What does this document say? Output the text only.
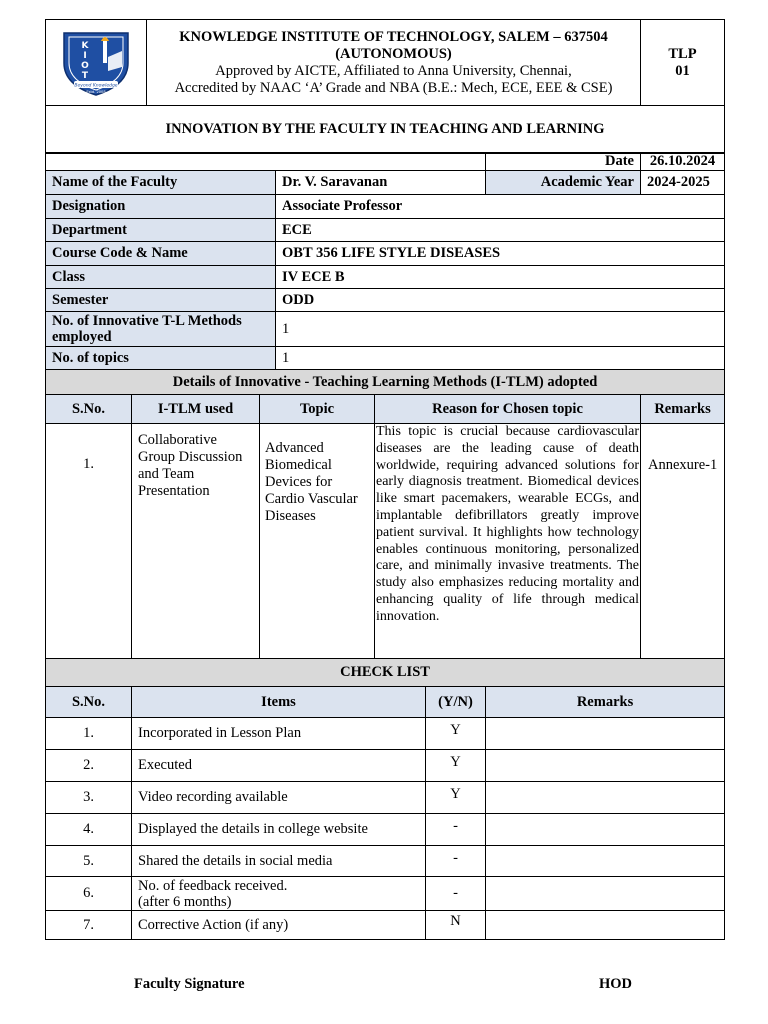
K
I
O
T
Beyond Knowledge
Estd. 2008

KNOWLEDGE INSTITUTE OF TECHNOLOGY, SALEM – 637504
(AUTONOMOUS)
Approved by AICTE, Affiliated to Anna University, Chennai,
Accredited by NAAC ‘A’ Grade and NBA (B.E.: Mech, ECE, EEE & CSE)

TLP
01

INNOVATION BY THE FACULTY IN TEACHING AND LEARNING
		Date	26.10.2024
Name of the Faculty	Dr. V. Saravanan	Academic Year	2024-2025
Designation	Associate Professor		
Department	ECE		
Course Code & Name	OBT 356 LIFE STYLE DISEASES		
Class	IV ECE B		
Semester	ODD		
No. of Innovative T-L Methods employed	1		
No. of topics	1		
Details of Innovative - Teaching Learning Methods (I-TLM) adopted				
S.No.	I-TLM used	Topic	Reason for Chosen topic	Remarks
1.	Collaborative Group Discussion and Team Presentation	Advanced Biomedical Devices for Cardio Vascular Diseases	This topic is crucial because cardiovascular diseases are the leading cause of death worldwide, requiring advanced solutions for early diagnosis treatment. Biomedical devices like smart pacemakers, wearable ECGs, and implantable defibrillators greatly improve patient survival. It highlights how technology enables continuous monitoring, personalized care, and minimally invasive treatments. The study also emphasizes reducing mortality and enhancing quality of life through medical innovation.	Annexure-1
CHECK LIST			
S.No.	Items	(Y/N)	Remarks
1.	Incorporated in Lesson Plan	Y	
2.	Executed	Y	
3.	Video recording available	Y	
4.	Displayed the details in college website	-	
5.	Shared the details in social media	-	
6.	No. of feedback received.
(after 6 months)	-	
7.	Corrective Action (if any)	N	
Faculty Signature	HOD
